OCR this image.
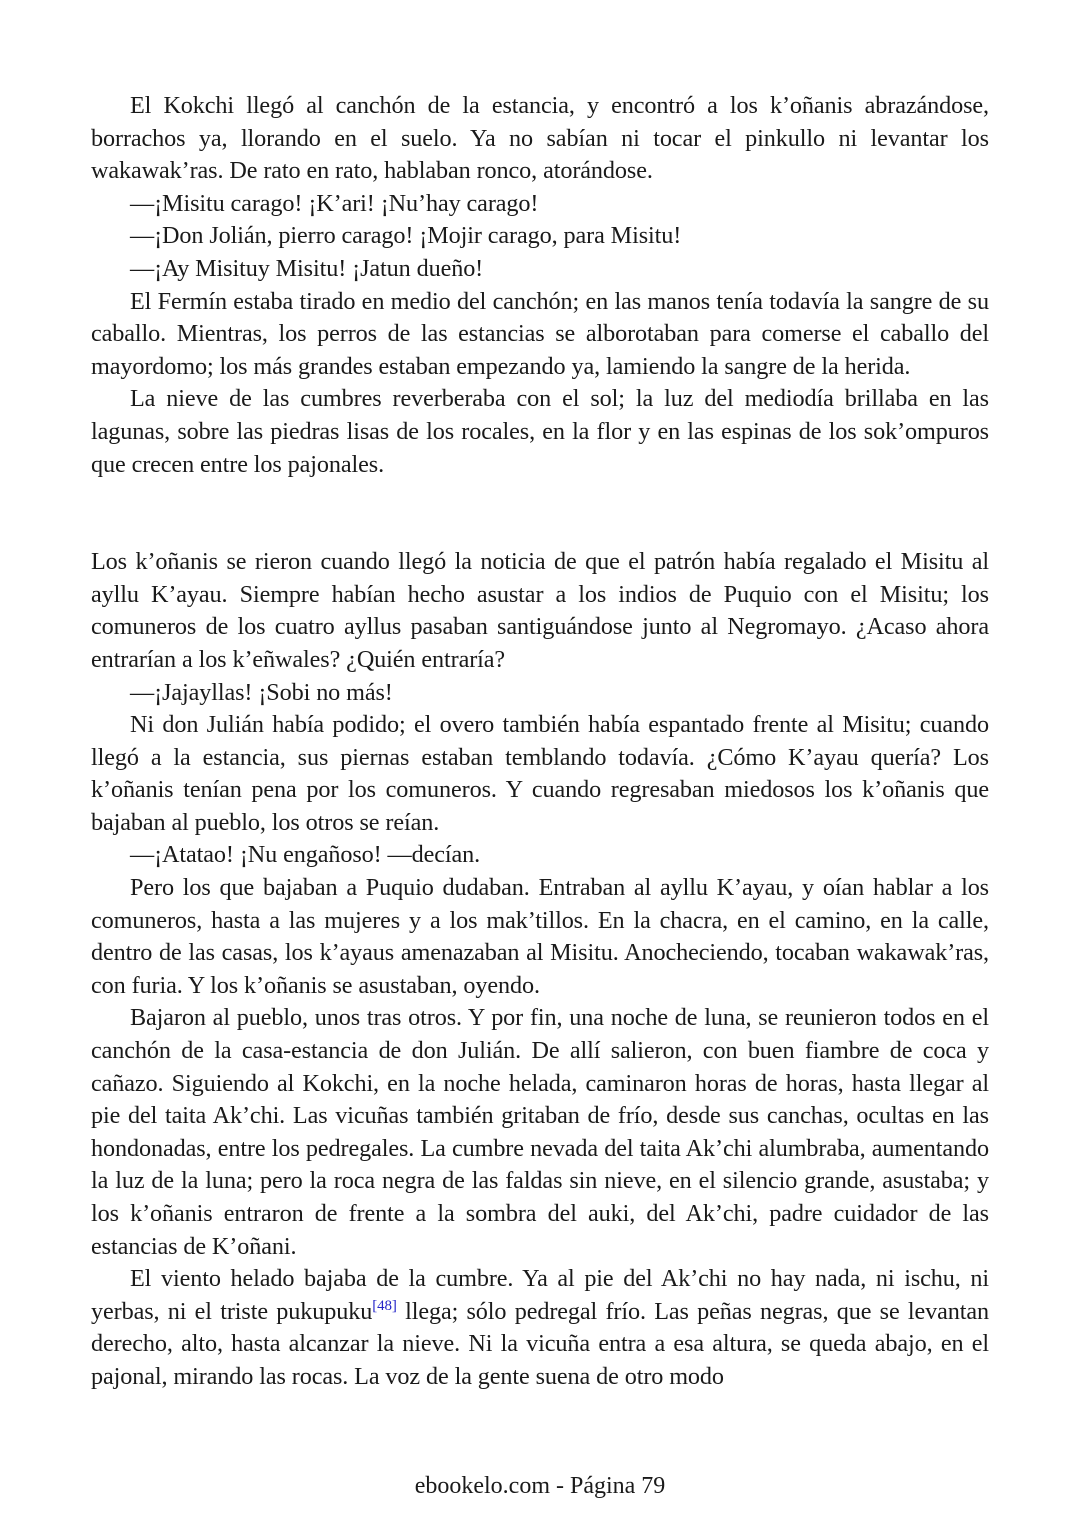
El Kokchi llegó al canchón de la estancia, y encontró a los k’oñanis abrazándose, borrachos ya, llorando en el suelo. Ya no sabían ni tocar el pinkullo ni levantar los wakawak’ras. De rato en rato, hablaban ronco, atorándose.

—¡Misitu carago! ¡K’ari! ¡Nu’hay carago!

—¡Don Jolián, pierro carago! ¡Mojir carago, para Misitu!

—¡Ay Misituy Misitu! ¡Jatun dueño!

El Fermín estaba tirado en medio del canchón; en las manos tenía todavía la sangre de su caballo. Mientras, los perros de las estancias se alborotaban para comerse el caballo del mayordomo; los más grandes estaban empezando ya, lamiendo la sangre de la herida.

La nieve de las cumbres reverberaba con el sol; la luz del mediodía brillaba en las lagunas, sobre las piedras lisas de los rocales, en la flor y en las espinas de los sok’ompuros que crecen entre los pajonales.

Los k’oñanis se rieron cuando llegó la noticia de que el patrón había regalado el Misitu al ayllu K’ayau. Siempre habían hecho asustar a los indios de Puquio con el Misitu; los comuneros de los cuatro ayllus pasaban santiguándose junto al Negromayo. ¿Acaso ahora entrarían a los k’eñwales? ¿Quién entraría?

—¡Jajayllas! ¡Sobi no más!

Ni don Julián había podido; el overo también había espantado frente al Misitu; cuando llegó a la estancia, sus piernas estaban temblando todavía. ¿Cómo K’ayau quería? Los k’oñanis tenían pena por los comuneros. Y cuando regresaban miedosos los k’oñanis que bajaban al pueblo, los otros se reían.

—¡Atatao! ¡Nu engañoso! —decían.

Pero los que bajaban a Puquio dudaban. Entraban al ayllu K’ayau, y oían hablar a los comuneros, hasta a las mujeres y a los mak’tillos. En la chacra, en el camino, en la calle, dentro de las casas, los k’ayaus amenazaban al Misitu. Anocheciendo, tocaban wakawak’ras, con furia. Y los k’oñanis se asustaban, oyendo.

Bajaron al pueblo, unos tras otros. Y por fin, una noche de luna, se reunieron todos en el canchón de la casa-estancia de don Julián. De allí salieron, con buen fiambre de coca y cañazo. Siguiendo al Kokchi, en la noche helada, caminaron horas de horas, hasta llegar al pie del taita Ak’chi. Las vicuñas también gritaban de frío, desde sus canchas, ocultas en las hondonadas, entre los pedregales. La cumbre nevada del taita Ak’chi alumbraba, aumentando la luz de la luna; pero la roca negra de las faldas sin nieve, en el silencio grande, asustaba; y los k’oñanis entraron de frente a la sombra del auki, del Ak’chi, padre cuidador de las estancias de K’oñani.

El viento helado bajaba de la cumbre. Ya al pie del Ak’chi no hay nada, ni ischu, ni yerbas, ni el triste pukupuku[48] llega; sólo pedregal frío. Las peñas negras, que se levantan derecho, alto, hasta alcanzar la nieve. Ni la vicuña entra a esa altura, se queda abajo, en el pajonal, mirando las rocas. La voz de la gente suena de otro modo

ebookelo.com - Página 79
